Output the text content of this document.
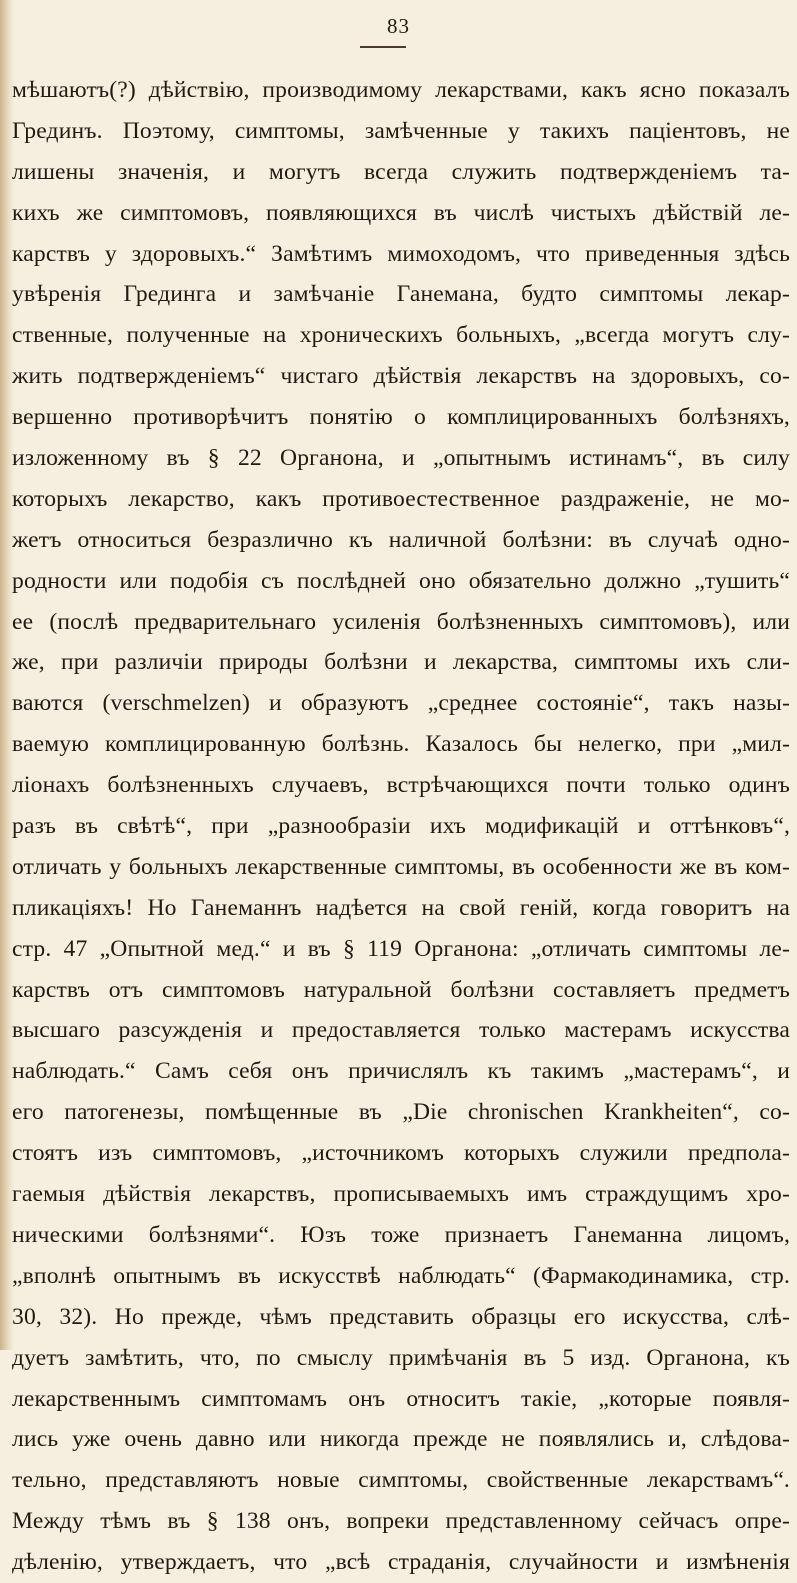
83
мѣшаютъ(?) дѣйствію, производимому лекарствами, какъ ясно показалъ
Грединъ. Поэтому, симптомы, замѣченные у такихъ паціентовъ, не
лишены значенія, и могутъ всегда служить подтвержденіемъ та-
кихъ же симптомовъ, появляющихся въ числѣ чистыхъ дѣйствій ле-
карствъ у здоровыхъ.“ Замѣтимъ мимоходомъ, что приведенныя здѣсь
увѣренія Грединга и замѣчаніе Ганемана, будто симптомы лекар-
ственные, полученные на хроническихъ больныхъ, „всегда могутъ слу-
жить подтвержденіемъ“ чистаго дѣйствія лекарствъ на здоровыхъ, со-
вершенно противорѣчитъ понятію о комплицированныхъ болѣзняхъ,
изложенному въ § 22 Органона, и „опытнымъ истинамъ“, въ силу
которыхъ лекарство, какъ противоестественное раздраженіе, не мо-
жетъ относиться безразлично къ наличной болѣзни: въ случаѣ одно-
родности или подобія съ послѣдней оно обязательно должно „тушить“
ее (послѣ предварительнаго усиленія болѣзненныхъ симптомовъ), или
же, при различіи природы болѣзни и лекарства, симптомы ихъ сли-
ваются (verschmelzen) и образуютъ „среднее состояніе“, такъ назы-
ваемую комплицированную болѣзнь. Казалось бы нелегко, при „мил-
ліонахъ болѣзненныхъ случаевъ, встрѣчающихся почти только одинъ
разъ въ свѣтѣ“, при „разнообразіи ихъ модификацій и оттѣнковъ“,
отличать у больныхъ лекарственные симптомы, въ особенности же въ ком-
пликаціяхъ! Но Ганеманнъ надѣется на свой геній, когда говоритъ на
стр. 47 „Опытной мед.“ и въ § 119 Органона: „отличать симптомы ле-
карствъ отъ симптомовъ натуральной болѣзни составляетъ предметъ
высшаго разсужденія и предоставляется только мастерамъ искусства
наблюдать.“ Самъ себя онъ причислялъ къ такимъ „мастерамъ“, и
его патогенезы, помѣщенные въ „Die chronischen Krankheiten“, со-
стоятъ изъ симптомовъ, „источникомъ которыхъ служили предпола-
гаемыя дѣйствія лекарствъ, прописываемыхъ имъ страждущимъ хро-
ническими болѣзнями“. Юзъ тоже признаетъ Ганеманна лицомъ,
„вполнѣ опытнымъ въ искусствѣ наблюдать“ (Фармакодинамика, стр.
30, 32). Но прежде, чѣмъ представить образцы его искусства, слѣ-
дуетъ замѣтить, что, по смыслу примѣчанія въ 5 изд. Органона, къ
лекарственнымъ симптомамъ онъ относитъ такіе, „которые появля-
лись уже очень давно или никогда прежде не появлялись и, слѣдова-
тельно, представляютъ новые симптомы, свойственные лекарствамъ“.
Между тѣмъ въ § 138 онъ, вопреки представленному сейчасъ опре-
дѣленію, утверждаетъ, что „всѣ страданія, случайности и измѣненія
